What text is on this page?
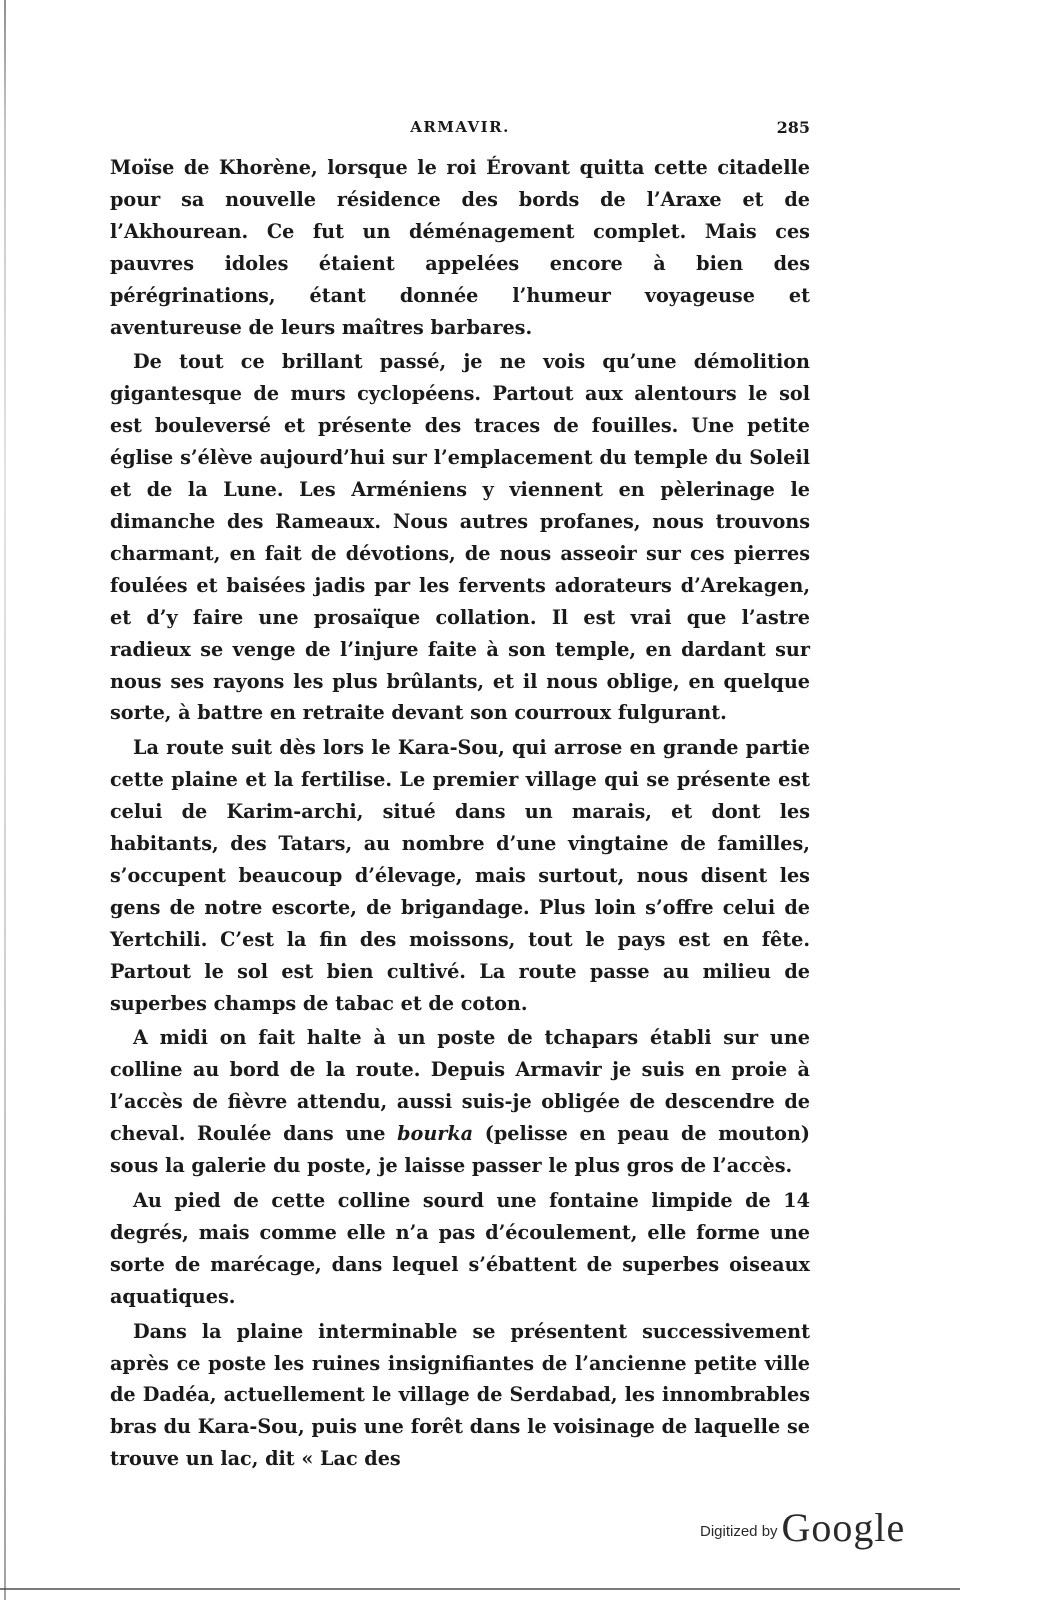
ARMAVIR.	285

Moïse de Khorène, lorsque le roi Érovant quitta cette citadelle pour sa nouvelle résidence des bords de l’Araxe et de l’Akhourean. Ce fut un déménagement complet. Mais ces pauvres idoles étaient appelées encore à bien des pérégrinations, étant donnée l’humeur voyageuse et aventureuse de leurs maîtres barbares.

De tout ce brillant passé, je ne vois qu’une démolition gigantesque de murs cyclopéens. Partout aux alentours le sol est bouleversé et présente des traces de fouilles. Une petite église s’élève aujourd’hui sur l’emplacement du temple du Soleil et de la Lune. Les Arméniens y viennent en pèlerinage le dimanche des Rameaux. Nous autres profanes, nous trouvons charmant, en fait de dévotions, de nous asseoir sur ces pierres foulées et baisées jadis par les fervents adorateurs d’Arekagen, et d’y faire une prosaïque collation. Il est vrai que l’astre radieux se venge de l’injure faite à son temple, en dardant sur nous ses rayons les plus brûlants, et il nous oblige, en quelque sorte, à battre en retraite devant son courroux fulgurant.

La route suit dès lors le Kara-Sou, qui arrose en grande partie cette plaine et la fertilise. Le premier village qui se présente est celui de Karim-archi, situé dans un marais, et dont les habitants, des Tatars, au nombre d’une vingtaine de familles, s’occupent beaucoup d’élevage, mais surtout, nous disent les gens de notre escorte, de brigandage. Plus loin s’offre celui de Yertchili. C’est la fin des moissons, tout le pays est en fête. Partout le sol est bien cultivé. La route passe au milieu de superbes champs de tabac et de coton.

A midi on fait halte à un poste de tchapars établi sur une colline au bord de la route. Depuis Armavir je suis en proie à l’accès de fièvre attendu, aussi suis-je obligée de descendre de cheval. Roulée dans une bourka (pelisse en peau de mouton) sous la galerie du poste, je laisse passer le plus gros de l’accès.

Au pied de cette colline sourd une fontaine limpide de 14 degrés, mais comme elle n’a pas d’écoulement, elle forme une sorte de marécage, dans lequel s’ébattent de superbes oiseaux aquatiques.

Dans la plaine interminable se présentent successivement après ce poste les ruines insignifiantes de l’ancienne petite ville de Dadéa, actuellement le village de Serdabad, les innombrables bras du Kara-Sou, puis une forêt dans le voisinage de laquelle se trouve un lac, dit « Lac des

Digitized by Google
